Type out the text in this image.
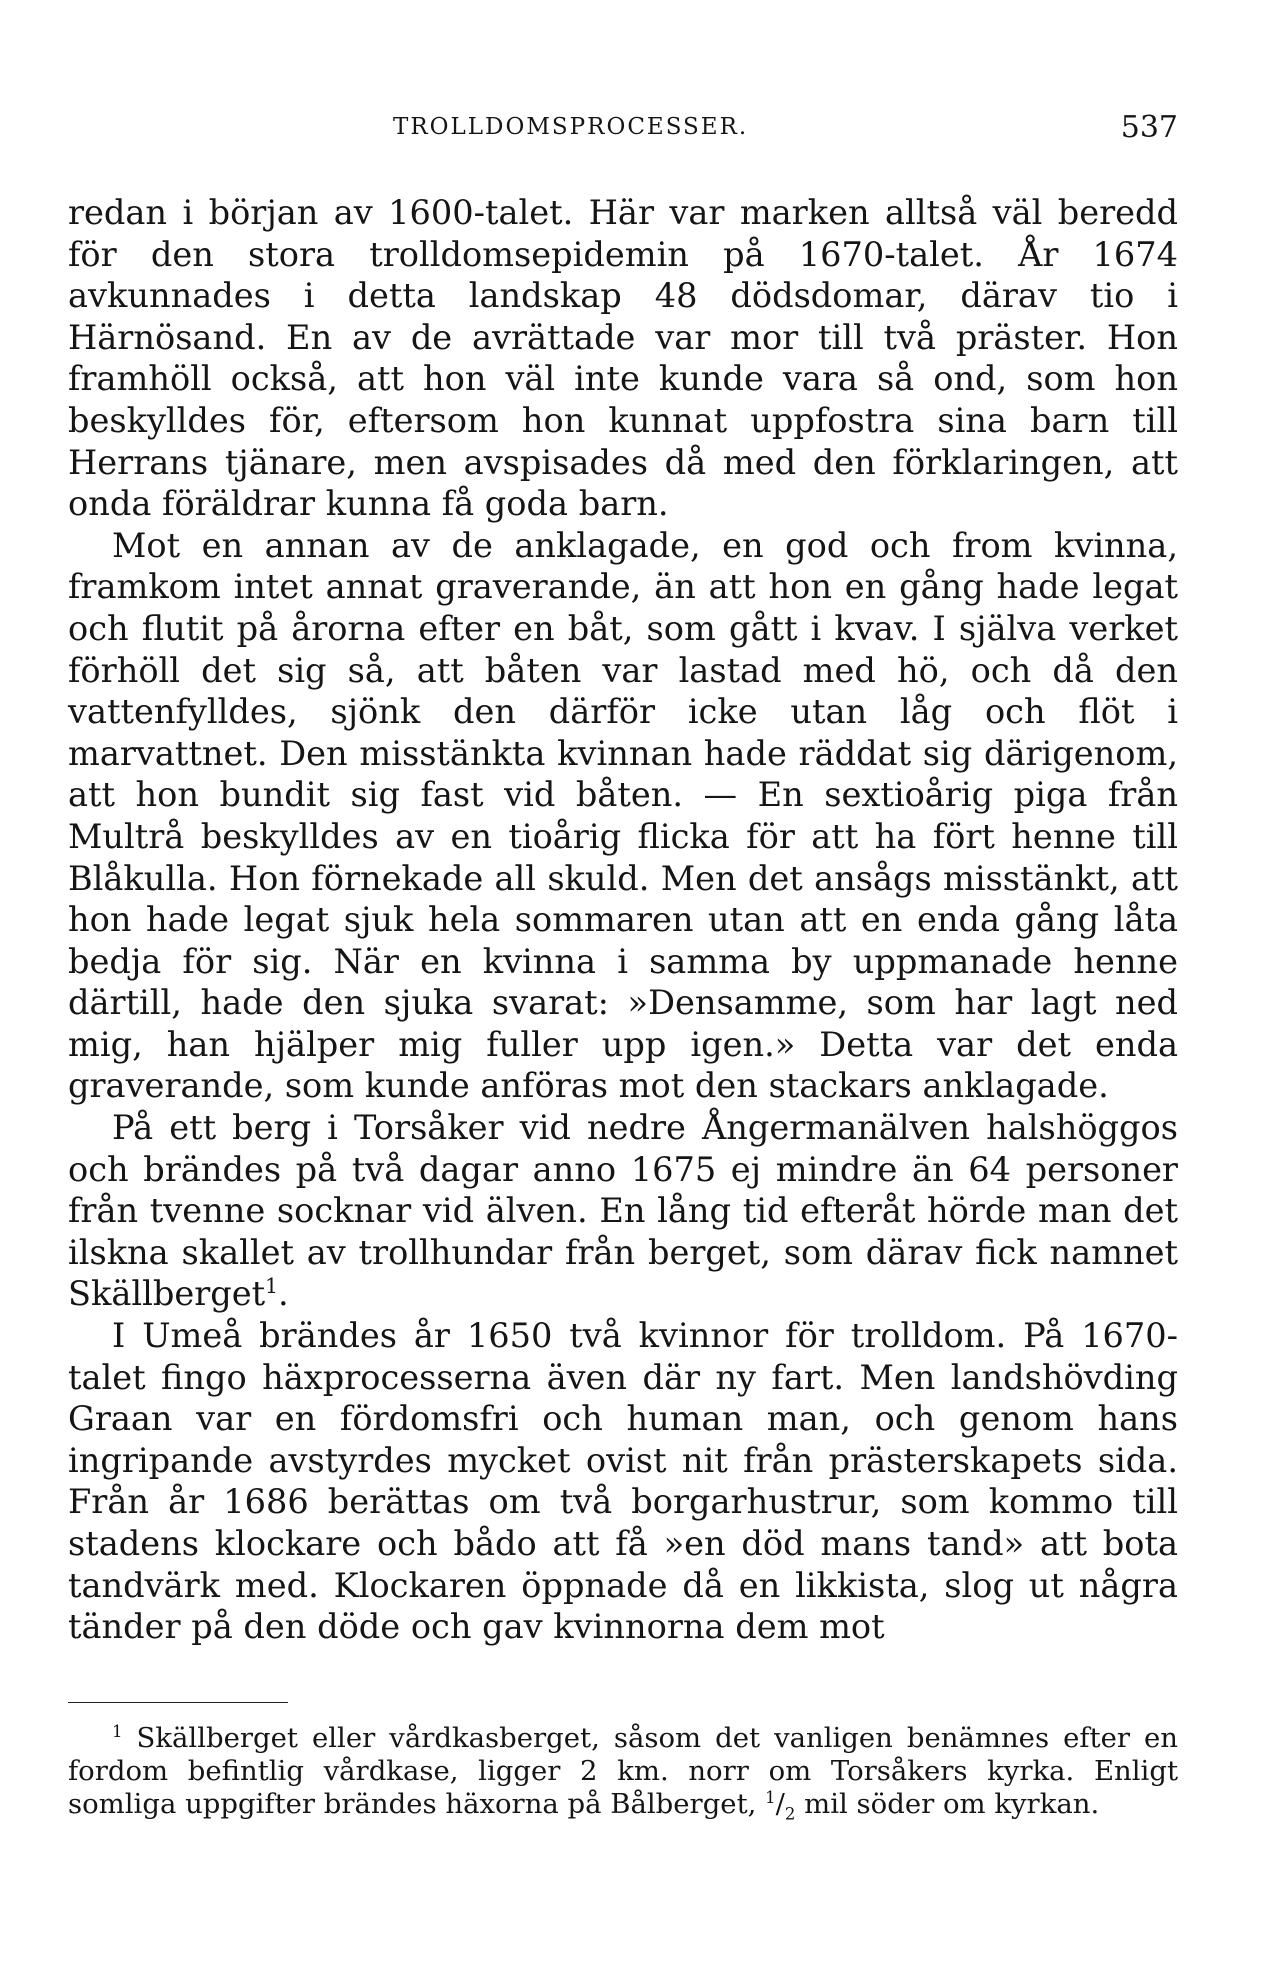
TROLLDOMSPROCESSER.	537

redan i början av 1600-talet. Här var marken alltså väl beredd för den stora trolldomsepidemin på 1670-talet. År 1674 avkunnades i detta landskap 48 dödsdomar, därav tio i Härnösand. En av de avrättade var mor till två präster. Hon framhöll också, att hon väl inte kunde vara så ond, som hon beskylldes för, eftersom hon kunnat uppfostra sina barn till Herrans tjänare, men avspisades då med den förklaringen, att onda föräldrar kunna få goda barn.

Mot en annan av de anklagade, en god och from kvinna, framkom intet annat graverande, än att hon en gång hade legat och flutit på årorna efter en båt, som gått i kvav. I själva verket förhöll det sig så, att båten var lastad med hö, och då den vattenfylldes, sjönk den därför icke utan låg och flöt i marvattnet. Den misstänkta kvinnan hade räddat sig därigenom, att hon bundit sig fast vid båten. — En sextioårig piga från Multrå beskylldes av en tioårig flicka för att ha fört henne till Blåkulla. Hon förnekade all skuld. Men det ansågs misstänkt, att hon hade legat sjuk hela sommaren utan att en enda gång låta bedja för sig. När en kvinna i samma by uppmanade henne därtill, hade den sjuka svarat: »Densamme, som har lagt ned mig, han hjälper mig fuller upp igen.» Detta var det enda graverande, som kunde anföras mot den stackars anklagade.

På ett berg i Torsåker vid nedre Ångermanälven halshöggos och brändes på två dagar anno 1675 ej mindre än 64 personer från tvenne socknar vid älven. En lång tid efteråt hörde man det ilskna skallet av trollhundar från berget, som därav fick namnet Skällberget$^1$.

I Umeå brändes år 1650 två kvinnor för trolldom. På 1670-talet fingo häxprocesserna även där ny fart. Men landshövding Graan var en fördomsfri och human man, och genom hans ingripande avstyrdes mycket ovist nit från prästerskapets sida. Från år 1686 berättas om två borgarhustrur, som kommo till stadens klockare och bådo att få »en död mans tand» att bota tandvärk med. Klockaren öppnade då en likkista, slog ut några tänder på den döde och gav kvinnorna dem mot

$^1$ Skällberget eller vårdkasberget, såsom det vanligen benämnes efter en fordom befintlig vårdkase, ligger 2 km. norr om Torsåkers kyrka. Enligt somliga uppgifter brändes häxorna på Bålberget, $^1/_2$ mil söder om kyrkan.
